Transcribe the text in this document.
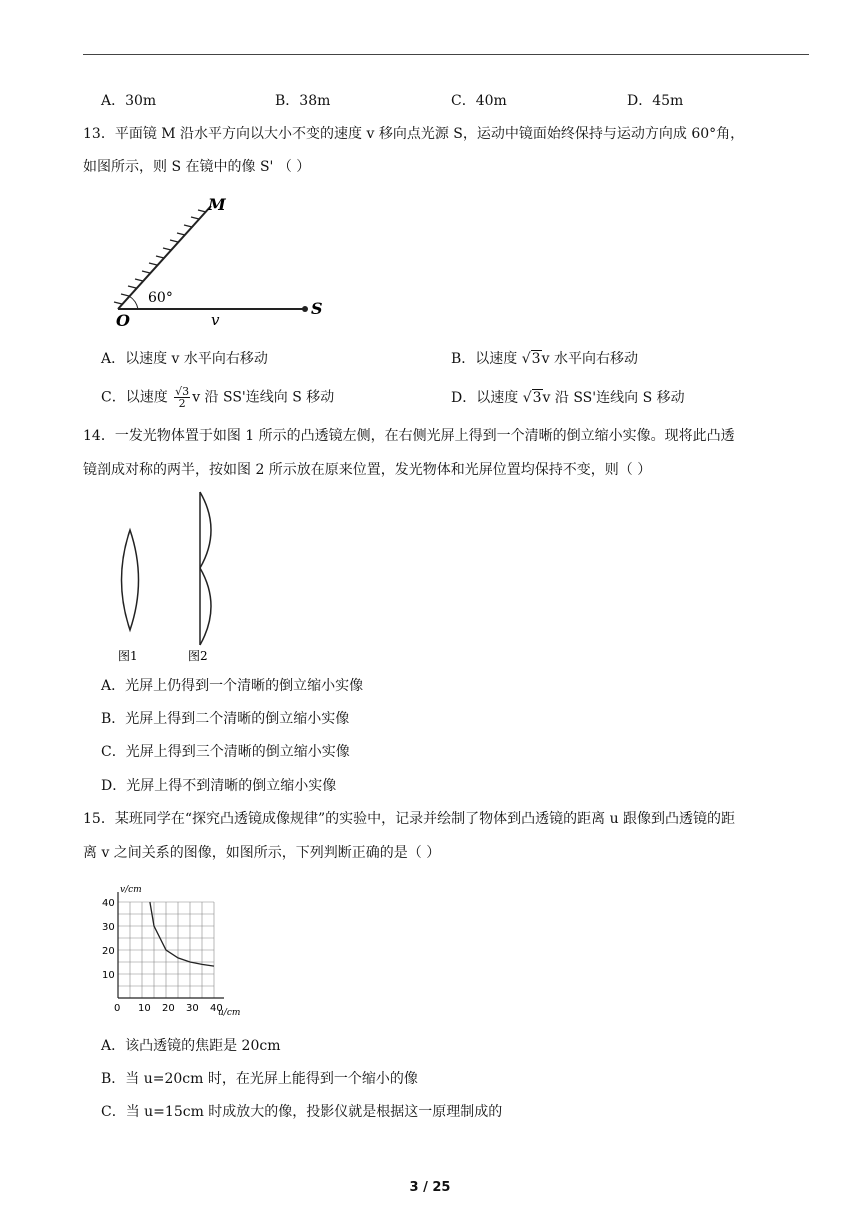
A．30m	B．38m	C．40m	D．45m
13．平面镜 M 沿水平方向以大小不变的速度 v 移向点光源 S，运动中镜面始终保持与运动方向成 60°角，
如图所示，则 S 在镜中的像 S' （ ）
M
60°
O	v
S
A．以速度 v 水平向右移动	B．以速度 √3v 水平向右移动
C．以速度 $\frac{√3}{2}$ v 沿 SS'连线向 S 移动	D．以速度 √3v 沿 SS'连线向 S 移动
14．一发光物体置于如图 1 所示的凸透镜左侧，在右侧光屏上得到一个清晰的倒立缩小实像。现将此凸透
镜剖成对称的两半，按如图 2 所示放在原来位置，发光物体和光屏位置均保持不变，则（ ）
图1	图2
A．光屏上仍得到一个清晰的倒立缩小实像
B．光屏上得到二个清晰的倒立缩小实像
C．光屏上得到三个清晰的倒立缩小实像
D．光屏上得不到清晰的倒立缩小实像
15．某班同学在“探究凸透镜成像规律”的实验中，记录并绘制了物体到凸透镜的距离 u 跟像到凸透镜的距
离 v 之间关系的图像，如图所示，下列判断正确的是（ ）
0 10 20 30 40
10
20
30
40
v/cm
u/cm
A．该凸透镜的焦距是 20cm
B．当 u=20cm 时，在光屏上能得到一个缩小的像
C．当 u=15cm 时成放大的像，投影仪就是根据这一原理制成的
3 / 25
